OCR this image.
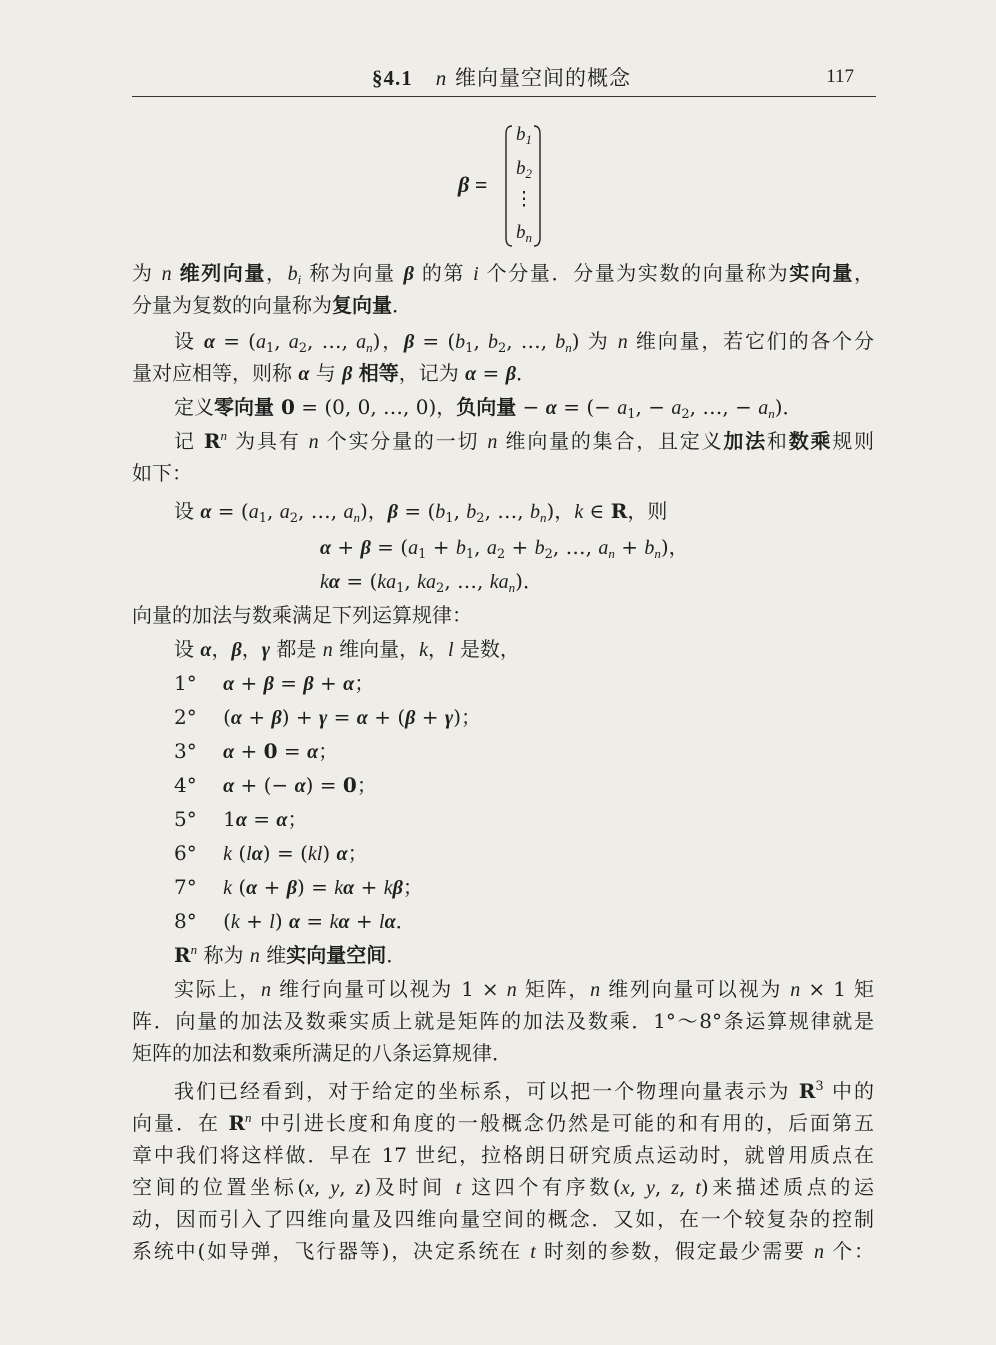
§4.1 n 维向量空间的概念	117
β =
$b_1$
$b_2$
⋮
$b_n$
为 n 维列向量，$b_i$ 称为向量 β 的第 i 个分量．分量为实数的向量称为实向量，
分量为复数的向量称为复向量．
设 $\alpha = (a_1$, $a_2$, …, $a_n$)，$\beta = (b_1$, $b_2$, …, $b_n$) 为 n 维向量，若它们的各个分
量对应相等，则称 α 与 β 相等，记为 α = β．
定义零向量 0 = (0, 0, …, 0)，负向量 − α = (− $a_1$, − $a_2$, …, − $a_n$)．
记 $R^n$ 为具有 n 个实分量的一切 n 维向量的集合，且定义加法和数乘规则
如下：
设 $\alpha = (a_1$, $a_2$, …, $a_n$)，$\beta = (b_1$, $b_2$, …, $b_n$)，k ∈ R，则
$\alpha + \beta = (a_1 + b_1$, $a_2 + b_2$, …, $a_n + b_n$)，
$k\alpha = (ka_1$, $ka_2$, …, $ka_n$)．
向量的加法与数乘满足下列运算规律：
设 α，β，γ 都是 n 维向量，k，l 是数，
1°　 α + β = β + α；
2°　 (α + β) + γ = α + (β + γ)；
3°　 α + 0 = α；
4°　 α + (− α) = 0；
5°　 1α = α；
6°　 k (lα) = (kl) α；
7°　 k (α + β) = kα + kβ；
8°　 (k + l) α = kα + lα．
$R^n$ 称为 n 维实向量空间．
实际上，n 维行向量可以视为 1 × n 矩阵，n 维列向量可以视为 n × 1 矩
阵．向量的加法及数乘实质上就是矩阵的加法及数乘．1°～8°条运算规律就是
矩阵的加法和数乘所满足的八条运算规律．
我们已经看到，对于给定的坐标系，可以把一个物理向量表示为 $R^3$ 中的
向量．在 $R^n$ 中引进长度和角度的一般概念仍然是可能的和有用的，后面第五
章中我们将这样做．早在 17 世纪，拉格朗日研究质点运动时，就曾用质点在
空间的位置坐标(x, y, z)及时间 t 这四个有序数(x, y, z, t)来描述质点的运
动，因而引入了四维向量及四维向量空间的概念．又如，在一个较复杂的控制
系统中(如导弹，飞行器等)，决定系统在 t 时刻的参数，假定最少需要 n 个：
